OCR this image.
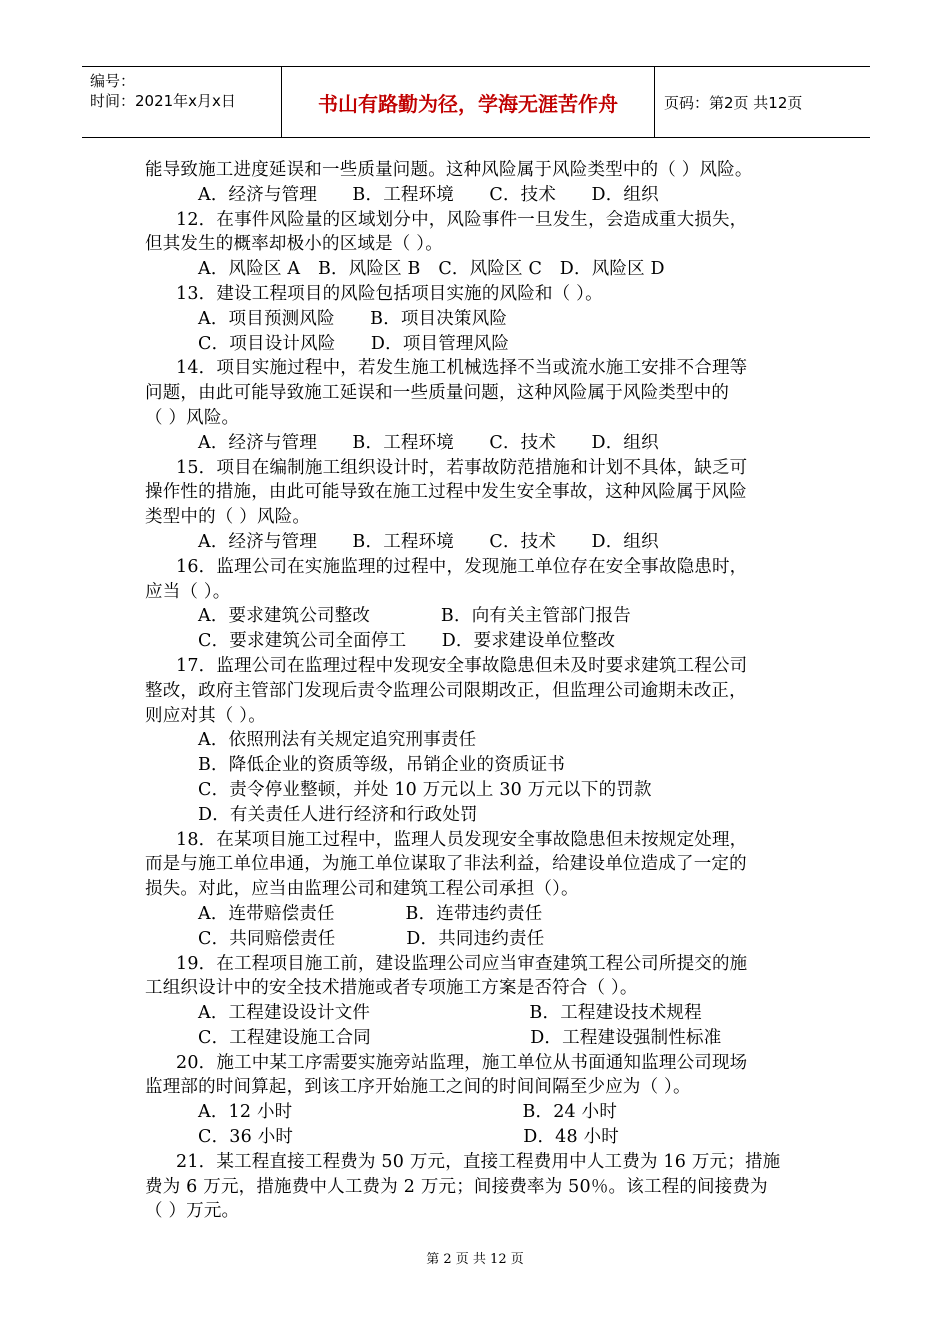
编号：
时间：2021年x月x日	书山有路勤为径，学海无涯苦作舟	页码：第2页 共12页
能导致施工进度延误和一些质量问题。这种风险属于风险类型中的（ ）风险。
A．经济与管理　　B．工程环境　　C．技术　　D．组织
12．在事件风险量的区域划分中，风险事件一旦发生，会造成重大损失，
但其发生的概率却极小的区域是（ ）。
A．风险区 A　B．风险区 B　C．风险区 C　D．风险区 D
13．建设工程项目的风险包括项目实施的风险和（ ）。
A．项目预测风险　　B．项目决策风险
C．项目设计风险　　D．项目管理风险
14．项目实施过程中，若发生施工机械选择不当或流水施工安排不合理等
问题，由此可能导致施工延误和一些质量问题，这种风险属于风险类型中的
（ ）风险。
A．经济与管理　　B．工程环境　　C．技术　　D．组织
15．项目在编制施工组织设计时，若事故防范措施和计划不具体，缺乏可
操作性的措施，由此可能导致在施工过程中发生安全事故，这种风险属于风险
类型中的（ ）风险。
A．经济与管理　　B．工程环境　　C．技术　　D．组织
16．监理公司在实施监理的过程中，发现施工单位存在安全事故隐患时，
应当（ ）。
A．要求建筑公司整改　　　　B．向有关主管部门报告
C．要求建筑公司全面停工　　D．要求建设单位整改
17．监理公司在监理过程中发现安全事故隐患但未及时要求建筑工程公司
整改，政府主管部门发现后责令监理公司限期改正，但监理公司逾期未改正，
则应对其（ ）。
A．依照刑法有关规定追究刑事责任
B．降低企业的资质等级，吊销企业的资质证书
C．责令停业整顿，并处 10 万元以上 30 万元以下的罚款
D．有关责任人进行经济和行政处罚
18．在某项目施工过程中，监理人员发现安全事故隐患但未按规定处理，
而是与施工单位串通，为施工单位谋取了非法利益，给建设单位造成了一定的
损失。对此，应当由监理公司和建筑工程公司承担（）。
A．连带赔偿责任　　　　B．连带违约责任
C．共同赔偿责任　　　　D．共同违约责任
19．在工程项目施工前，建设监理公司应当审查建筑工程公司所提交的施
工组织设计中的安全技术措施或者专项施工方案是否符合（ ）。
A．工程建设设计文件　　　　　　　　　B．工程建设技术规程
C．工程建设施工合同　　　　　　　　　D．工程建设强制性标准
20．施工中某工序需要实施旁站监理，施工单位从书面通知监理公司现场
监理部的时间算起，到该工序开始施工之间的时间间隔至少应为（ ）。
A．12 小时　　　　　　　　　　　　　B．24 小时
C．36 小时　　　　　　　　　　　　　D．48 小时
21．某工程直接工程费为 50 万元，直接工程费用中人工费为 16 万元；措施
费为 6 万元，措施费中人工费为 2 万元；间接费率为 50％。该工程的间接费为
（ ）万元。
第 2 页 共 12 页
